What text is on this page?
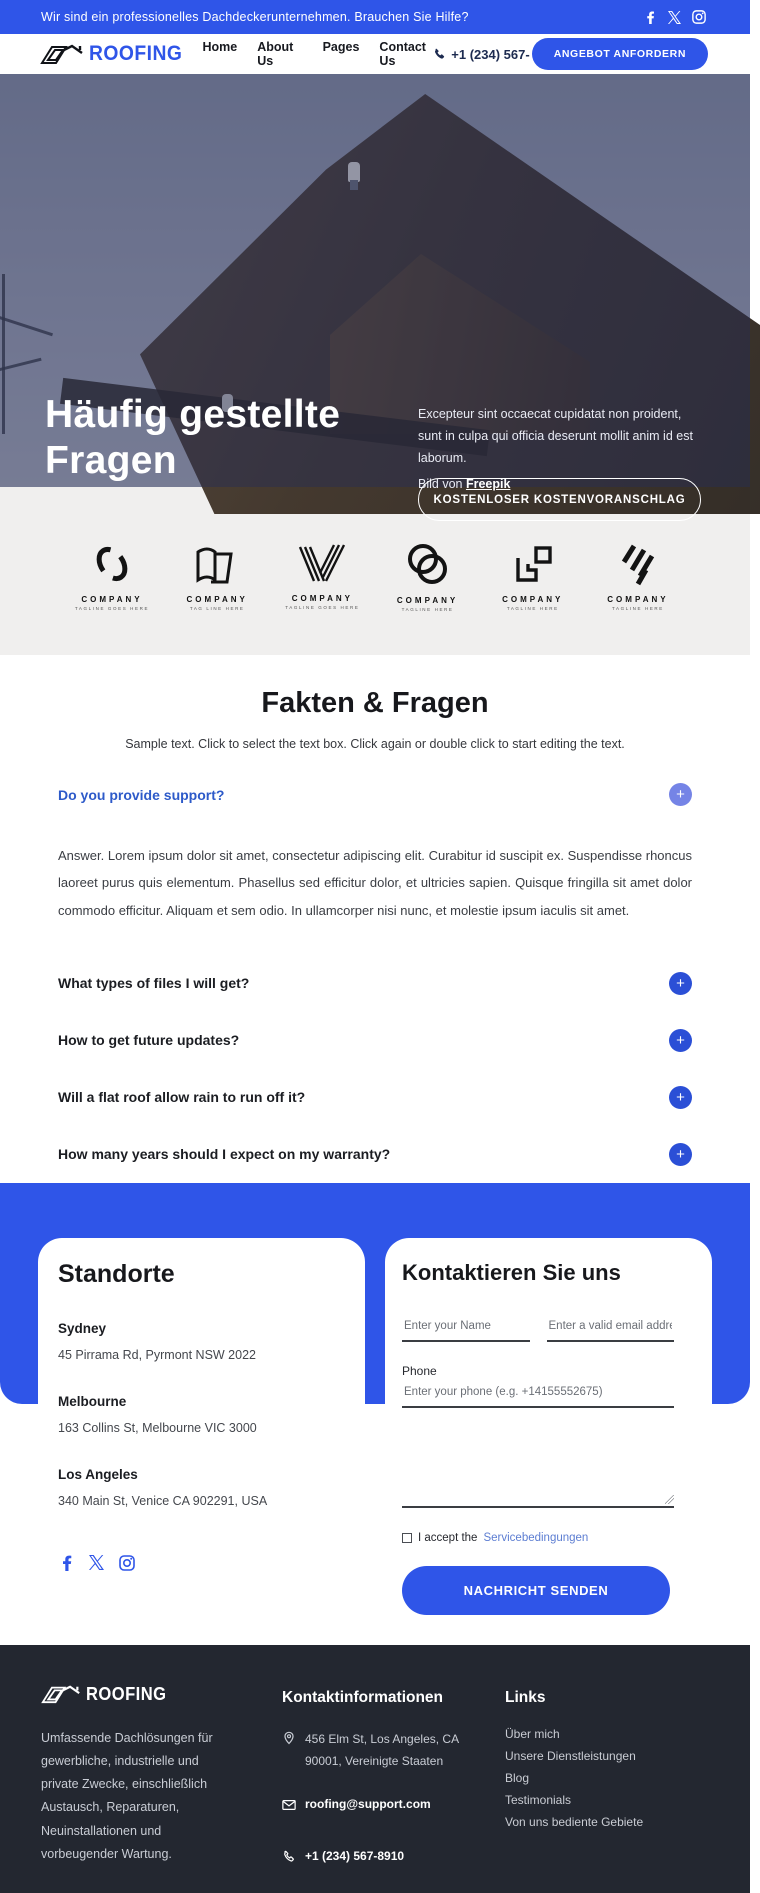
Wir sind ein professionelles Dachdeckerunternehmen. Brauchen Sie Hilfe?
ROOFING Home About Us
Pages Contact Us	+1 (234) 567-	ANGEBOT ANFORDERN
Häufig gestellte
Fragen
Excepteur sint occaecat cupidatat non proident, sunt in culpa qui officia deserunt mollit anim id est laborum.
Bild von Freepik
KOSTENLOSER KOSTENVORANSCHLAG
COMPANY
TAGLINE GOES HERE
COMPANY
TAG LINE HERE
COMPANY
TAGLINE GOES HERE
COMPANY
TAGLINE HERE
COMPANY
TAGLINE HERE
COMPANY
TAGLINE HERE
Fakten & Fragen
Sample text. Click to select the text box. Click again or double click to start editing the text.
Do you provide support?	+
Answer. Lorem ipsum dolor sit amet, consectetur adipiscing elit. Curabitur id suscipit ex. Suspendisse rhoncus laoreet purus quis elementum. Phasellus sed efficitur dolor, et ultricies sapien. Quisque fringilla sit amet dolor commodo efficitur. Aliquam et sem odio. In ullamcorper nisi nunc, et molestie ipsum iaculis sit amet.
What types of files I will get?	+
How to get future updates?	+
Will a flat roof allow rain to run off it?	+
How many years should I expect on my warranty?	+
Standorte
Sydney
45 Pirrama Rd, Pyrmont NSW 2022
Melbourne
163 Collins St, Melbourne VIC 3000
Los Angeles
340 Main St, Venice CA 902291, USA
Kontaktieren Sie uns
Enter your Name
Enter a valid email address
Phone
Enter your phone (e.g. +14155552675)
I accept the Servicebedingungen
NACHRICHT SENDEN
ROOFING
Umfassende Dachlösungen für gewerbliche, industrielle und private Zwecke, einschließlich Austausch, Reparaturen, Neuinstallationen und vorbeugender Wartung.
Kontaktinformationen
456 Elm St, Los Angeles, CA 90001, Vereinigte Staaten
roofing@support.com
+1 (234) 567-8910
Links
Über mich
Unsere Dienstleistungen
Blog
Testimonials
Von uns bediente Gebiete
